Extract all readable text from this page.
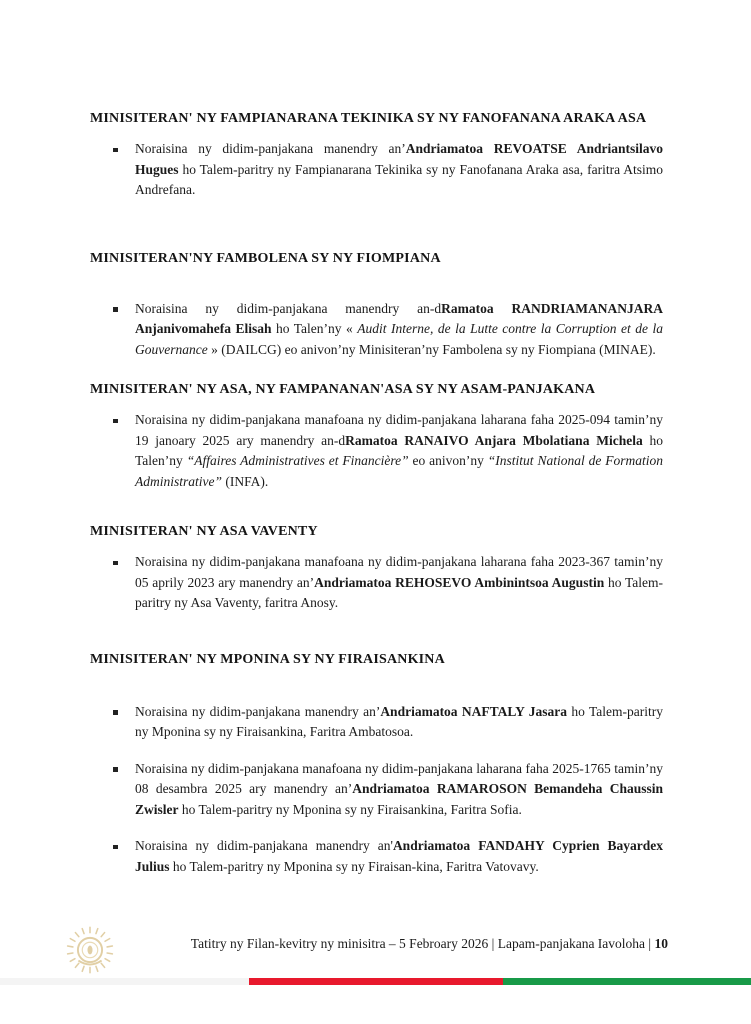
MINISITERAN' NY FAMPIANARANA TEKINIKA SY NY FANOFANANA ARAKA ASA

Noraisina ny didim-panjakana manendry an’Andriamatoa REVOATSE Andriantsilavo Hugues ho Talem-paritry ny Fampianarana Tekinika sy ny Fanofanana Araka asa, faritra Atsimo Andrefana.

MINISITERAN'NY FAMBOLENA SY NY FIOMPIANA

Noraisina ny didim-panjakana manendry an-dRamatoa RANDRIAMANANJARA Anjanivomahefa Elisah ho Talen’ny « Audit Interne, de la Lutte contre la Corruption et de la Gouvernance » (DAILCG) eo anivon’ny Minisiteran’ny Fambolena sy ny Fiompiana (MINAE).

MINISITERAN' NY ASA, NY FAMPANANAN'ASA SY NY ASAM-PANJAKANA

Noraisina ny didim-panjakana manafoana ny didim-panjakana laharana faha 2025-094 tamin’ny 19 janoary 2025 ary manendry an-dRamatoa RANAIVO Anjara Mbolatiana Michela ho Talen’ny “Affaires Administratives et Financière” eo anivon’ny “Institut National de Formation Administrative” (INFA).

MINISITERAN' NY ASA VAVENTY

Noraisina ny didim-panjakana manafoana ny didim-panjakana laharana faha 2023-367 tamin’ny 05 aprily 2023 ary manendry an’Andriamatoa REHOSEVO Ambinintsoa Augustin ho Talem-paritry ny Asa Vaventy, faritra Anosy.

MINISITERAN' NY MPONINA SY NY FIRAISANKINA

Noraisina ny didim-panjakana manendry an’Andriamatoa NAFTALY Jasara ho Talem-paritry ny Mponina sy ny Firaisankina, Faritra Ambatosoa.

Noraisina ny didim-panjakana manafoana ny didim-panjakana laharana faha 2025-1765 tamin’ny 08 desambra 2025 ary manendry an’Andriamatoa RAMAROSON Bemandeha Chaussin Zwisler ho Talem-paritry ny Mponina sy ny Firaisankina, Faritra Sofia.

Noraisina ny didim-panjakana manendry an'Andriamatoa FANDAHY Cyprien Bayardex Julius ho Talem-paritry ny Mponina sy ny Firaisan-kina, Faritra Vatovavy.

Tatitry ny Filan-kevitry ny minisitra – 5 Febroary 2026 | Lapam-panjakana Iavoloha | 10
